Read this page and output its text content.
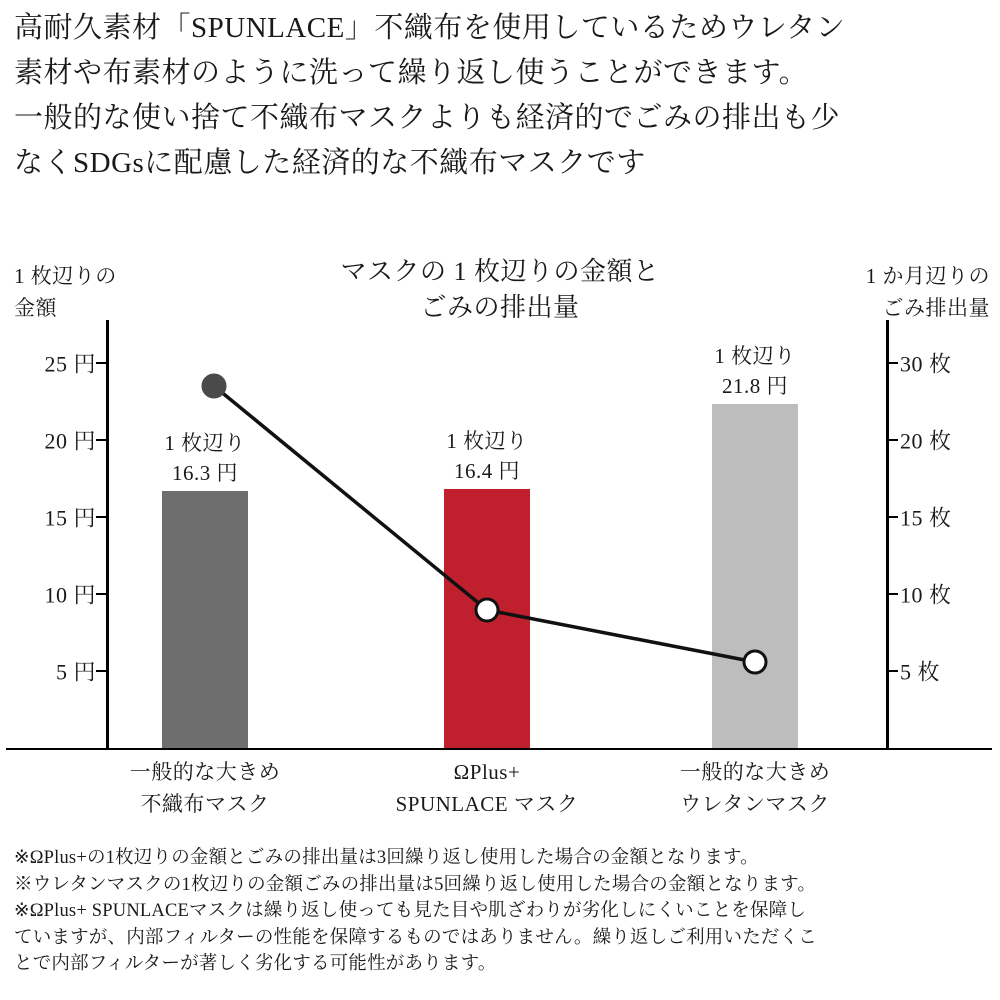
高耐久素材「SPUNLACE」不織布を使用しているためウレタン
素材や布素材のように洗って繰り返し使うことができます。
一般的な使い捨て不織布マスクよりも経済的でごみの排出も少
なくSDGsに配慮した経済的な不織布マスクです
マスクの 1 枚辺りの金額と
ごみの排出量
1 枚辺りの
金額
1 か月辺りの
ごみ排出量
25 円
20 円
15 円
10 円
5 円
30 枚
20 枚
15 枚
10 枚
5 枚
1 枚辺り
16.3 円
1 枚辺り
16.4 円
1 枚辺り
21.8 円
一般的な大きめ
不織布マスク
ΩPlus+
SPUNLACE マスク
一般的な大きめ
ウレタンマスク
※ΩPlus+の1枚辺りの金額とごみの排出量は3回繰り返し使用した場合の金額となります。
※ウレタンマスクの1枚辺りの金額ごみの排出量は5回繰り返し使用した場合の金額となります。
※ΩPlus+ SPUNLACEマスクは繰り返し使っても見た目や肌ざわりが劣化しにくいことを保障し
ていますが、内部フィルターの性能を保障するものではありません。繰り返しご利用いただくこ
とで内部フィルターが著しく劣化する可能性があります。
